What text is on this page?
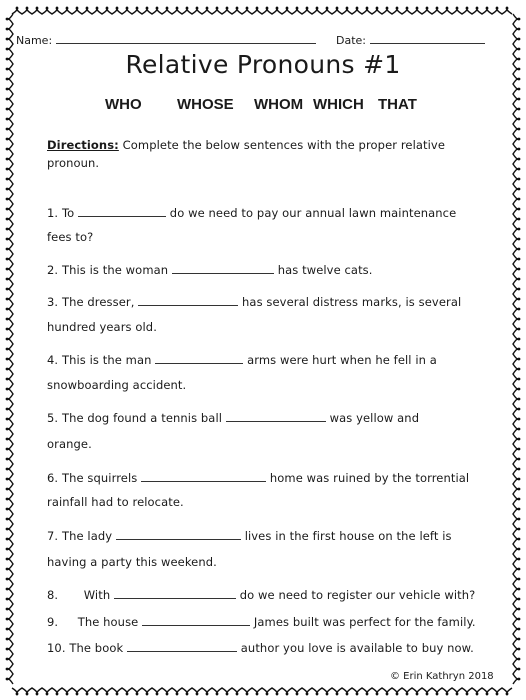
Name:	Date:
Relative Pronouns #1
WHO WHOSE WHOM WHICH THAT
Directions: Complete the below sentences with the proper relative
pronoun.
1. To	do we need to pay our annual lawn maintenance
fees to?
2. This is the woman	has twelve cats.
3. The dresser,	has several distress marks, is several
hundred years old.
4. This is the man	arms were hurt when he fell in a
snowboarding accident.
5. The dog found a tennis ball	was yellow and
orange.
6. The squirrels	home was ruined by the torrential
rainfall had to relocate.
7. The lady	lives in the first house on the left is
having a party this weekend.
8. With	do we need to register our vehicle with?
9. The house	James built was perfect for the family.
10. The book	author you love is available to buy now.
© Erin Kathryn 2018
